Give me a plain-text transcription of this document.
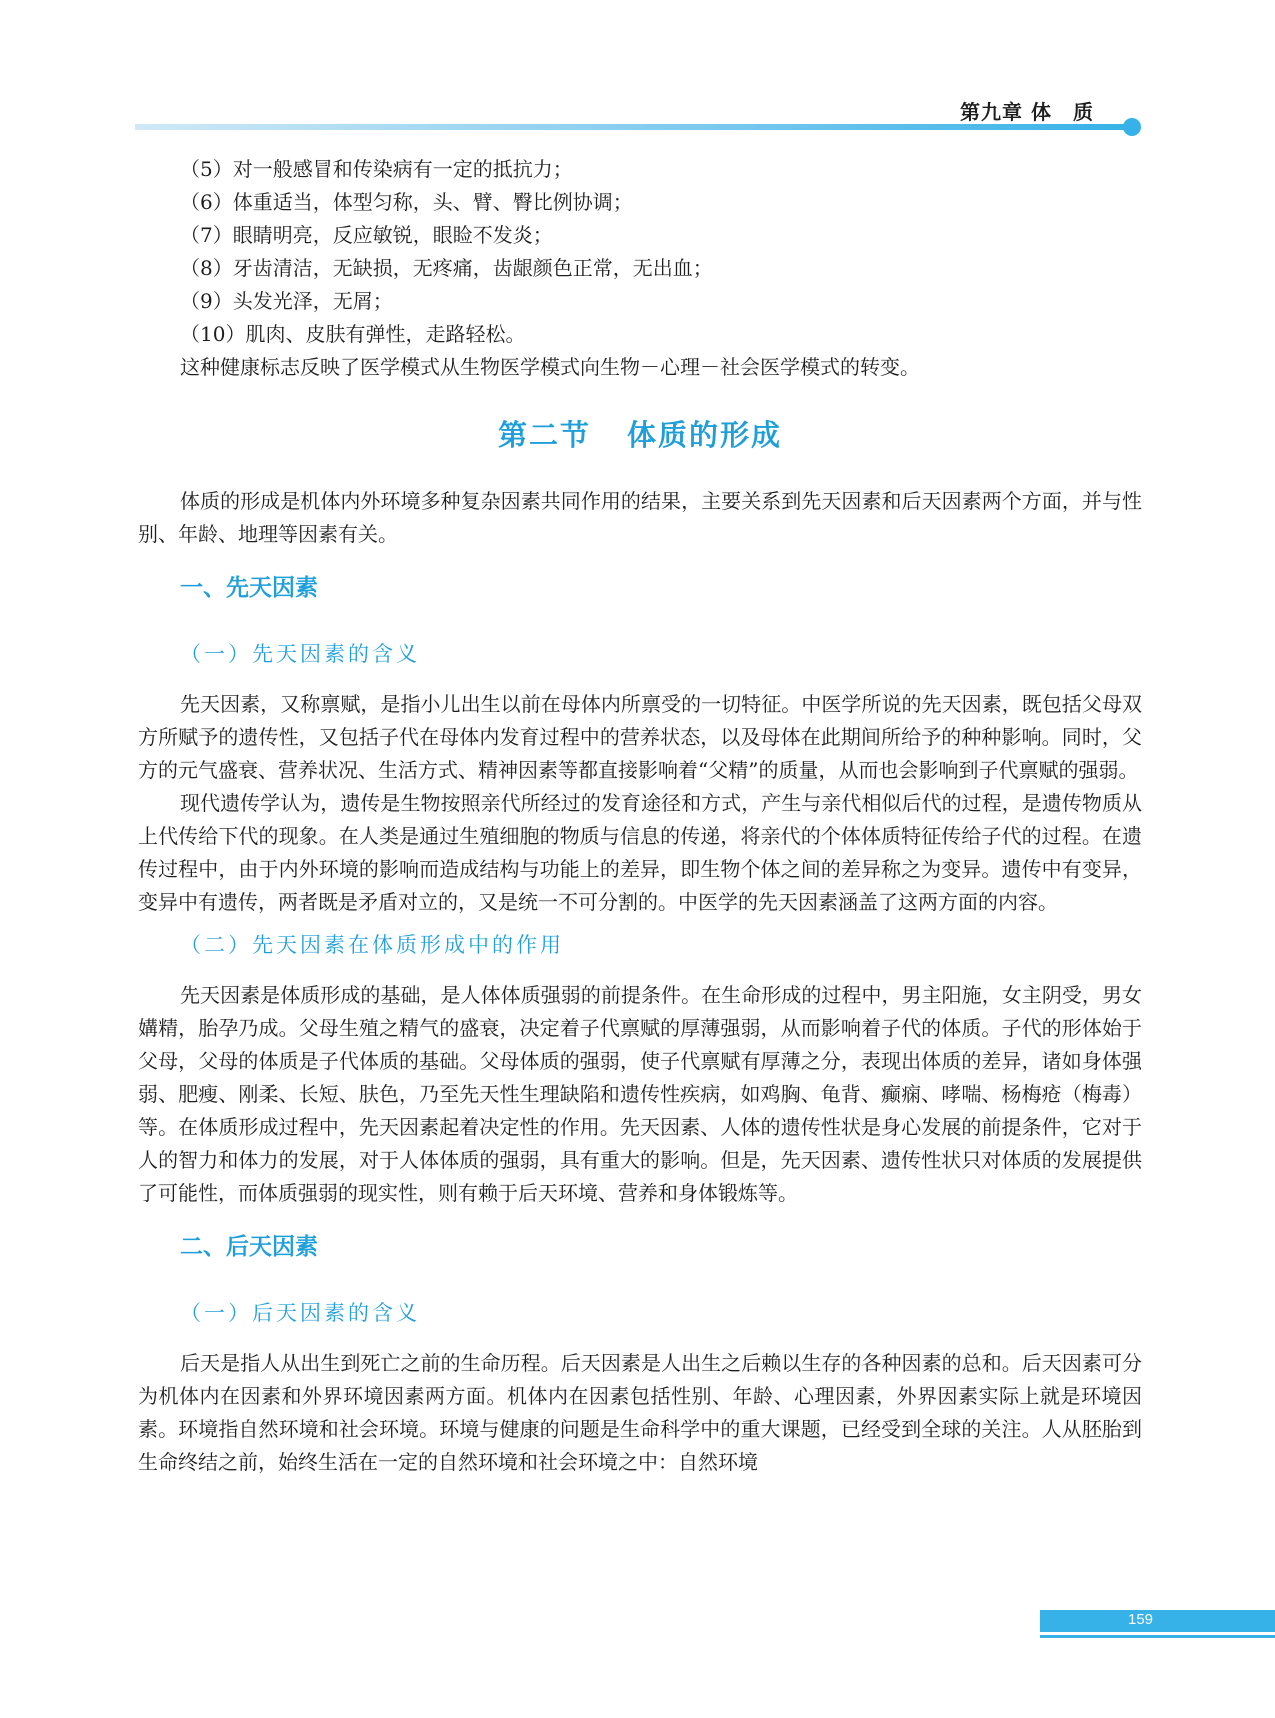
第九章 体　质

（5）对一般感冒和传染病有一定的抵抗力；

（6）体重适当，体型匀称，头、臂、臀比例协调；

（7）眼睛明亮，反应敏锐，眼睑不发炎；

（8）牙齿清洁，无缺损，无疼痛，齿龈颜色正常，无出血；

（9）头发光泽，无屑；

（10）肌肉、皮肤有弹性，走路轻松。

这种健康标志反映了医学模式从生物医学模式向生物－心理－社会医学模式的转变。

第二节 体质的形成

体质的形成是机体内外环境多种复杂因素共同作用的结果，主要关系到先天因素和后天因素两个方面，并与性别、年龄、地理等因素有关。

一、先天因素
（一）先天因素的含义

先天因素，又称禀赋，是指小儿出生以前在母体内所禀受的一切特征。中医学所说的先天因素，既包括父母双方所赋予的遗传性，又包括子代在母体内发育过程中的营养状态，以及母体在此期间所给予的种种影响。同时，父方的元气盛衰、营养状况、生活方式、精神因素等都直接影响着“父精”的质量，从而也会影响到子代禀赋的强弱。

现代遗传学认为，遗传是生物按照亲代所经过的发育途径和方式，产生与亲代相似后代的过程，是遗传物质从上代传给下代的现象。在人类是通过生殖细胞的物质与信息的传递，将亲代的个体体质特征传给子代的过程。在遗传过程中，由于内外环境的影响而造成结构与功能上的差异，即生物个体之间的差异称之为变异。遗传中有变异，变异中有遗传，两者既是矛盾对立的，又是统一不可分割的。中医学的先天因素涵盖了这两方面的内容。

（二）先天因素在体质形成中的作用

先天因素是体质形成的基础，是人体体质强弱的前提条件。在生命形成的过程中，男主阳施，女主阴受，男女媾精，胎孕乃成。父母生殖之精气的盛衰，决定着子代禀赋的厚薄强弱，从而影响着子代的体质。子代的形体始于父母，父母的体质是子代体质的基础。父母体质的强弱，使子代禀赋有厚薄之分，表现出体质的差异，诸如身体强弱、肥瘦、刚柔、长短、肤色，乃至先天性生理缺陷和遗传性疾病，如鸡胸、龟背、癫痫、哮喘、杨梅疮（梅毒）等。在体质形成过程中，先天因素起着决定性的作用。先天因素、人体的遗传性状是身心发展的前提条件，它对于人的智力和体力的发展，对于人体体质的强弱，具有重大的影响。但是，先天因素、遗传性状只对体质的发展提供了可能性，而体质强弱的现实性，则有赖于后天环境、营养和身体锻炼等。

二、后天因素
（一）后天因素的含义

后天是指人从出生到死亡之前的生命历程。后天因素是人出生之后赖以生存的各种因素的总和。后天因素可分为机体内在因素和外界环境因素两方面。机体内在因素包括性别、年龄、心理因素，外界因素实际上就是环境因素。环境指自然环境和社会环境。环境与健康的问题是生命科学中的重大课题，已经受到全球的关注。人从胚胎到生命终结之前，始终生活在一定的自然环境和社会环境之中：自然环境

159
